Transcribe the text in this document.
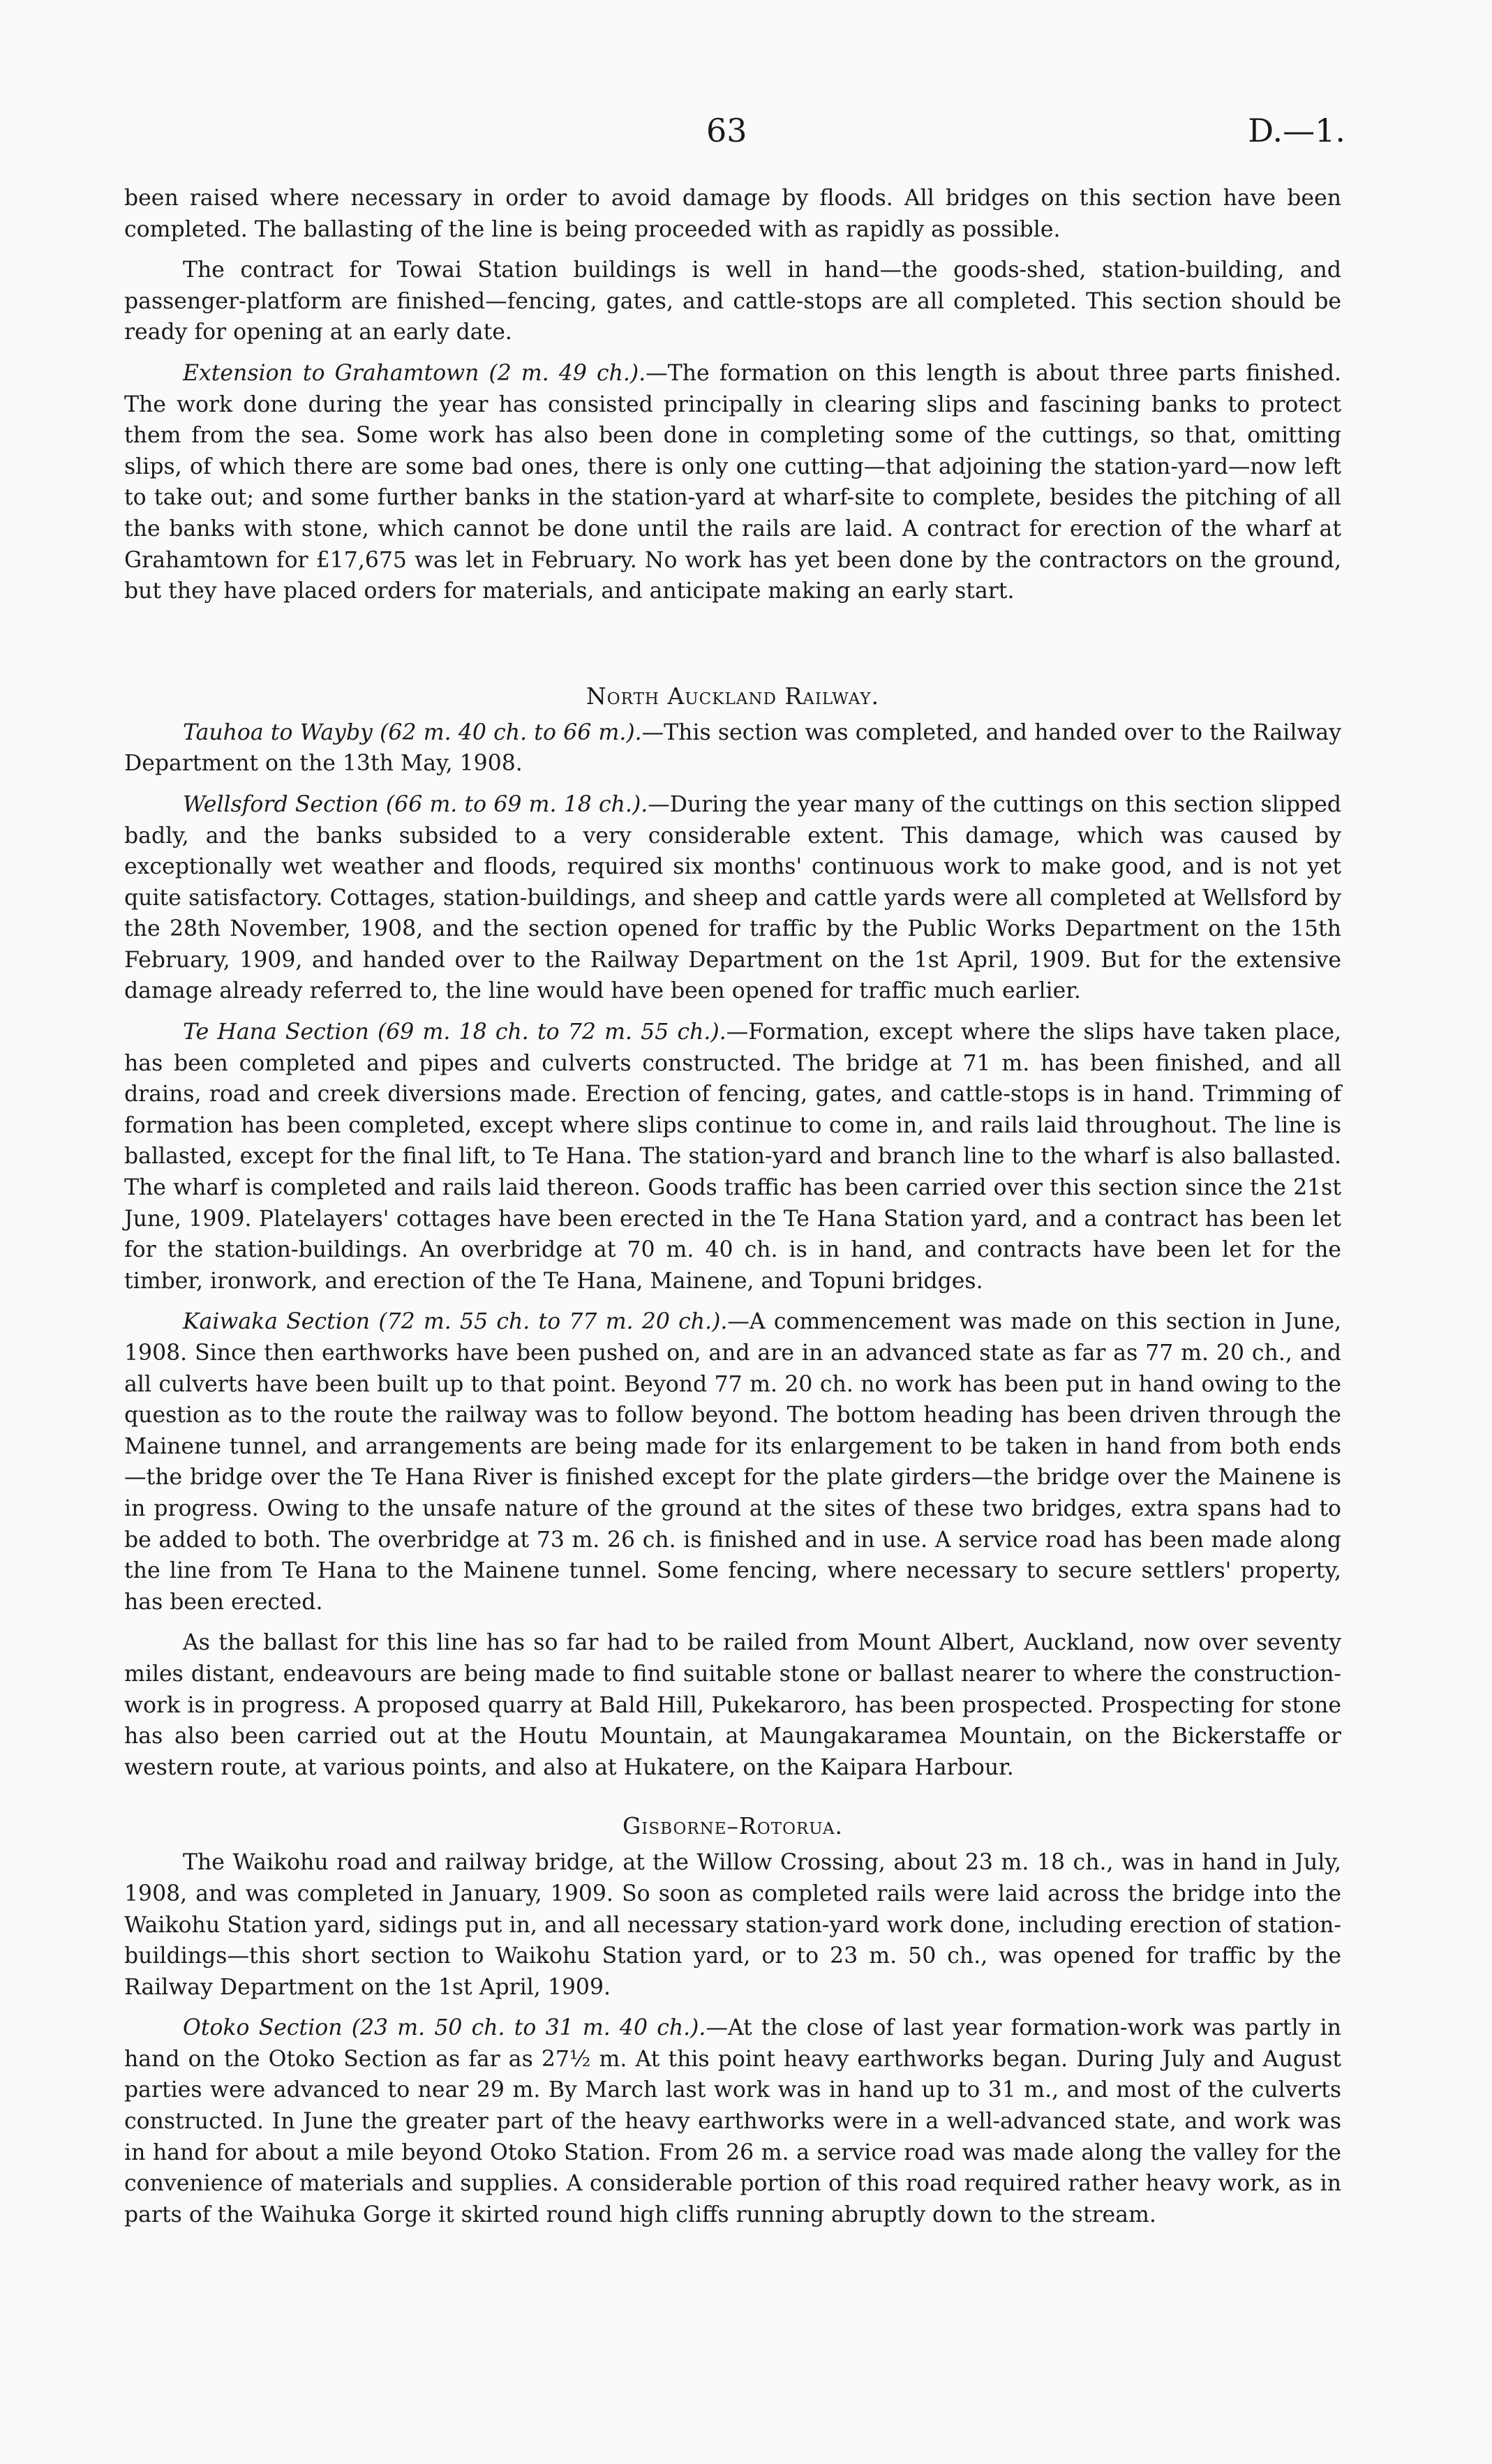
63	D.—1.

been raised where necessary in order to avoid damage by floods. All bridges on this section have been completed. The ballasting of the line is being proceeded with as rapidly as possible.

The contract for Towai Station buildings is well in hand—the goods-shed, station-building, and passenger-platform are finished—fencing, gates, and cattle-stops are all completed. This section should be ready for opening at an early date.

Extension to Grahamtown (2 m. 49 ch.).—The formation on this length is about three parts finished. The work done during the year has consisted principally in clearing slips and fascining banks to protect them from the sea. Some work has also been done in completing some of the cuttings, so that, omitting slips, of which there are some bad ones, there is only one cutting—that adjoining the station-yard—now left to take out; and some further banks in the station-yard at wharf-site to complete, besides the pitching of all the banks with stone, which cannot be done until the rails are laid. A contract for erection of the wharf at Grahamtown for £17,675 was let in February. No work has yet been done by the contractors on the ground, but they have placed orders for materials, and anticipate making an early start.

North Auckland Railway.

Tauhoa to Wayby (62 m. 40 ch. to 66 m.).—This section was completed, and handed over to the Railway Department on the 13th May, 1908.

Wellsford Section (66 m. to 69 m. 18 ch.).—During the year many of the cuttings on this section slipped badly, and the banks subsided to a very considerable extent. This damage, which was caused by exceptionally wet weather and floods, required six months' continuous work to make good, and is not yet quite satisfactory. Cottages, station-buildings, and sheep and cattle yards were all completed at Wellsford by the 28th November, 1908, and the section opened for traffic by the Public Works Department on the 15th February, 1909, and handed over to the Railway Department on the 1st April, 1909. But for the extensive damage already referred to, the line would have been opened for traffic much earlier.

Te Hana Section (69 m. 18 ch. to 72 m. 55 ch.).—Formation, except where the slips have taken place, has been completed and pipes and culverts constructed. The bridge at 71 m. has been finished, and all drains, road and creek diversions made. Erection of fencing, gates, and cattle-stops is in hand. Trimming of formation has been completed, except where slips continue to come in, and rails laid throughout. The line is ballasted, except for the final lift, to Te Hana. The station-yard and branch line to the wharf is also ballasted. The wharf is completed and rails laid thereon. Goods traffic has been carried over this section since the 21st June, 1909. Platelayers' cottages have been erected in the Te Hana Station yard, and a contract has been let for the station-buildings. An overbridge at 70 m. 40 ch. is in hand, and contracts have been let for the timber, ironwork, and erection of the Te Hana, Mainene, and Topuni bridges.

Kaiwaka Section (72 m. 55 ch. to 77 m. 20 ch.).—A commencement was made on this section in June, 1908. Since then earthworks have been pushed on, and are in an advanced state as far as 77 m. 20 ch., and all culverts have been built up to that point. Beyond 77 m. 20 ch. no work has been put in hand owing to the question as to the route the railway was to follow beyond. The bottom heading has been driven through the Mainene tunnel, and arrangements are being made for its enlargement to be taken in hand from both ends—the bridge over the Te Hana River is finished except for the plate girders—the bridge over the Mainene is in progress. Owing to the unsafe nature of the ground at the sites of these two bridges, extra spans had to be added to both. The overbridge at 73 m. 26 ch. is finished and in use. A service road has been made along the line from Te Hana to the Mainene tunnel. Some fencing, where necessary to secure settlers' property, has been erected.

As the ballast for this line has so far had to be railed from Mount Albert, Auckland, now over seventy miles distant, endeavours are being made to find suitable stone or ballast nearer to where the construction-work is in progress. A proposed quarry at Bald Hill, Pukekaroro, has been prospected. Prospecting for stone has also been carried out at the Houtu Mountain, at Maungakaramea Mountain, on the Bickerstaffe or western route, at various points, and also at Hukatere, on the Kaipara Harbour.

Gisborne–Rotorua.

The Waikohu road and railway bridge, at the Willow Crossing, about 23 m. 18 ch., was in hand in July, 1908, and was completed in January, 1909. So soon as completed rails were laid across the bridge into the Waikohu Station yard, sidings put in, and all necessary station-yard work done, including erection of station-buildings—this short section to Waikohu Station yard, or to 23 m. 50 ch., was opened for traffic by the Railway Department on the 1st April, 1909.

Otoko Section (23 m. 50 ch. to 31 m. 40 ch.).—At the close of last year formation-work was partly in hand on the Otoko Section as far as 27½ m. At this point heavy earthworks began. During July and August parties were advanced to near 29 m. By March last work was in hand up to 31 m., and most of the culverts constructed. In June the greater part of the heavy earthworks were in a well-advanced state, and work was in hand for about a mile beyond Otoko Station. From 26 m. a service road was made along the valley for the convenience of materials and supplies. A considerable portion of this road required rather heavy work, as in parts of the Waihuka Gorge it skirted round high cliffs running abruptly down to the stream.
